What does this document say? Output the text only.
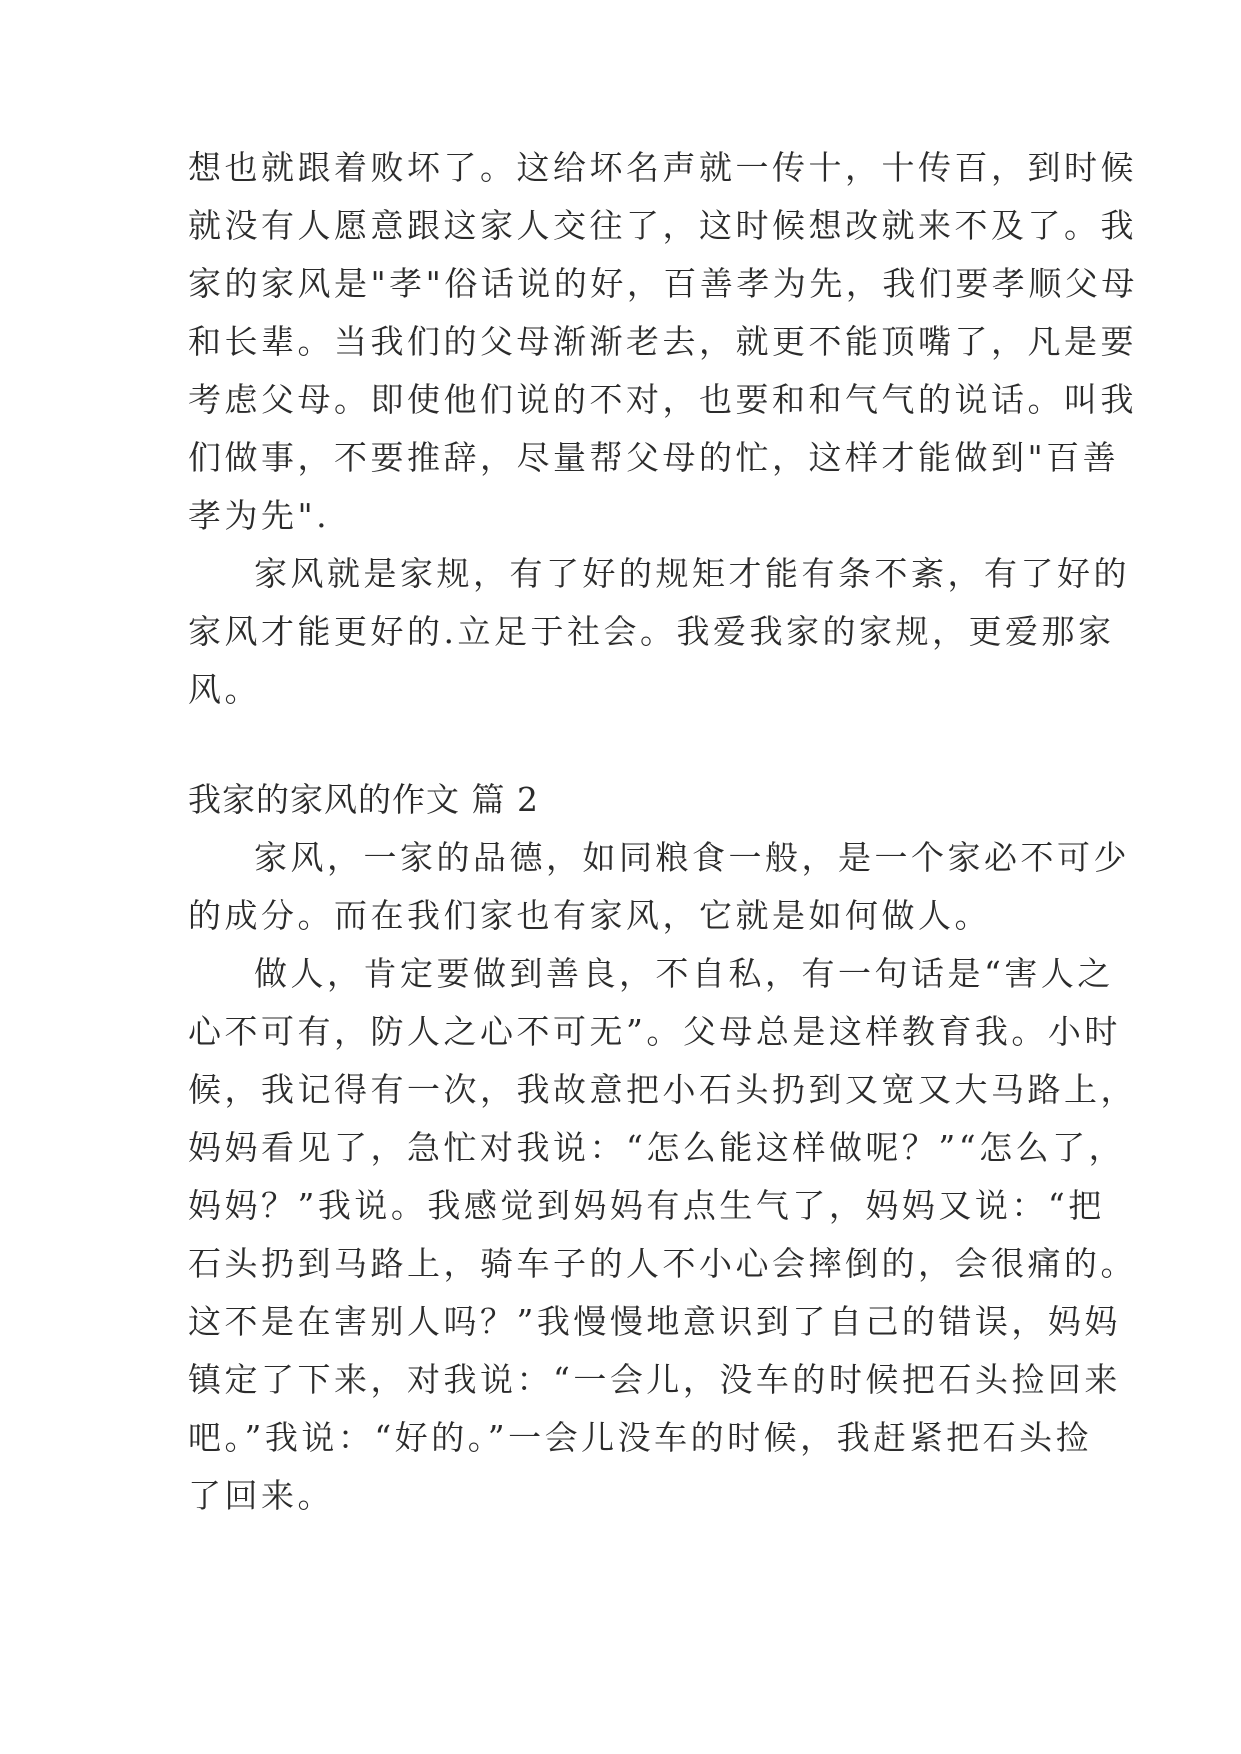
想也就跟着败坏了。这给坏名声就一传十，十传百，到时候

就没有人愿意跟这家人交往了，这时候想改就来不及了。我

家的家风是"孝"俗话说的好，百善孝为先，我们要孝顺父母

和长辈。当我们的父母渐渐老去，就更不能顶嘴了，凡是要

考虑父母。即使他们说的不对，也要和和气气的说话。叫我

们做事，不要推辞，尽量帮父母的忙，这样才能做到"百善

孝为先".

家风就是家规，有了好的规矩才能有条不紊，有了好的

家风才能更好的.立足于社会。我爱我家的家规，更爱那家

风。

我家的家风的作文 篇 2

家风，一家的品德，如同粮食一般，是一个家必不可少

的成分。而在我们家也有家风，它就是如何做人。

做人，肯定要做到善良，不自私，有一句话是“害人之

心不可有，防人之心不可无”。父母总是这样教育我。小时

候，我记得有一次，我故意把小石头扔到又宽又大马路上，

妈妈看见了，急忙对我说：“怎么能这样做呢？”“怎么了，

妈妈？”我说。我感觉到妈妈有点生气了，妈妈又说：“把

石头扔到马路上，骑车子的人不小心会摔倒的，会很痛的。

这不是在害别人吗？”我慢慢地意识到了自己的错误，妈妈

镇定了下来，对我说：“一会儿，没车的时候把石头捡回来

吧。”我说：“好的。”一会儿没车的时候，我赶紧把石头捡

了回来。
